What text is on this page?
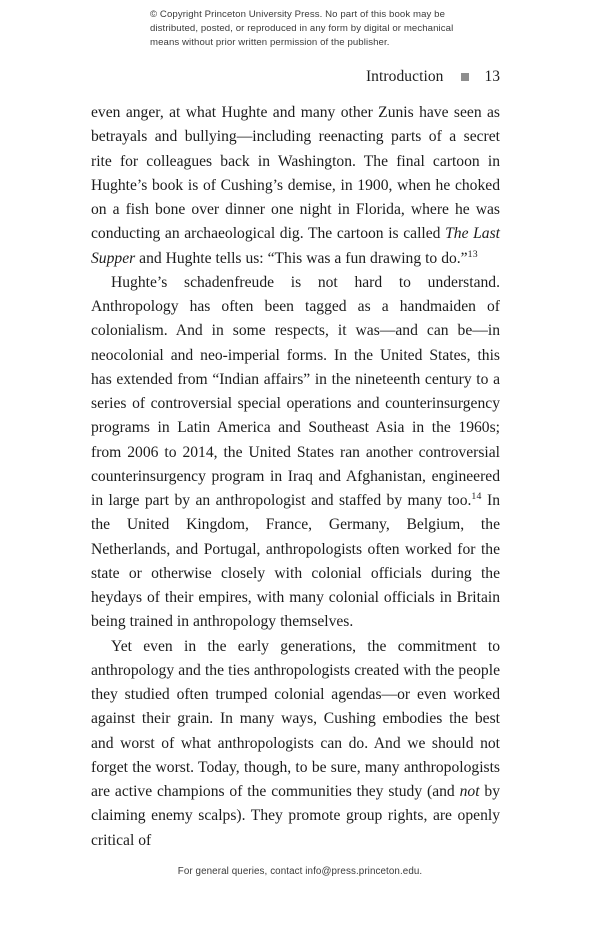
© Copyright Princeton University Press. No part of this book may be
distributed, posted, or reproduced in any form by digital or mechanical
means without prior written permission of the publisher.
Introduction	13

even anger, at what Hughte and many other Zunis have seen as betrayals and bullying—including reenacting parts of a secret rite for colleagues back in Washington. The final cartoon in Hughte’s book is of Cushing’s demise, in 1900, when he choked on a fish bone over dinner one night in Florida, where he was conducting an archaeological dig. The cartoon is called The Last Supper and Hughte tells us: “This was a fun drawing to do.”$^{13}$

Hughte’s schadenfreude is not hard to understand. Anthropology has often been tagged as a handmaiden of colonialism. And in some respects, it was—and can be—in neocolonial and neo-imperial forms. In the United States, this has extended from “Indian affairs” in the nineteenth century to a series of controversial special operations and counterinsurgency programs in Latin America and Southeast Asia in the 1960s; from 2006 to 2014, the United States ran another controversial counterinsurgency program in Iraq and Afghanistan, engineered in large part by an anthropologist and staffed by many too.$^{14}$ In the United Kingdom, France, Germany, Belgium, the Netherlands, and Portugal, anthropologists often worked for the state or otherwise closely with colonial officials during the heydays of their empires, with many colonial officials in Britain being trained in anthropology themselves.

Yet even in the early generations, the commitment to anthropology and the ties anthropologists created with the people they studied often trumped colonial agendas—or even worked against their grain. In many ways, Cushing embodies the best and worst of what anthropologists can do. And we should not forget the worst. Today, though, to be sure, many anthropologists are active champions of the communities they study (and not by claiming enemy scalps). They promote group rights, are openly critical of

For general queries, contact info@press.princeton.edu.
